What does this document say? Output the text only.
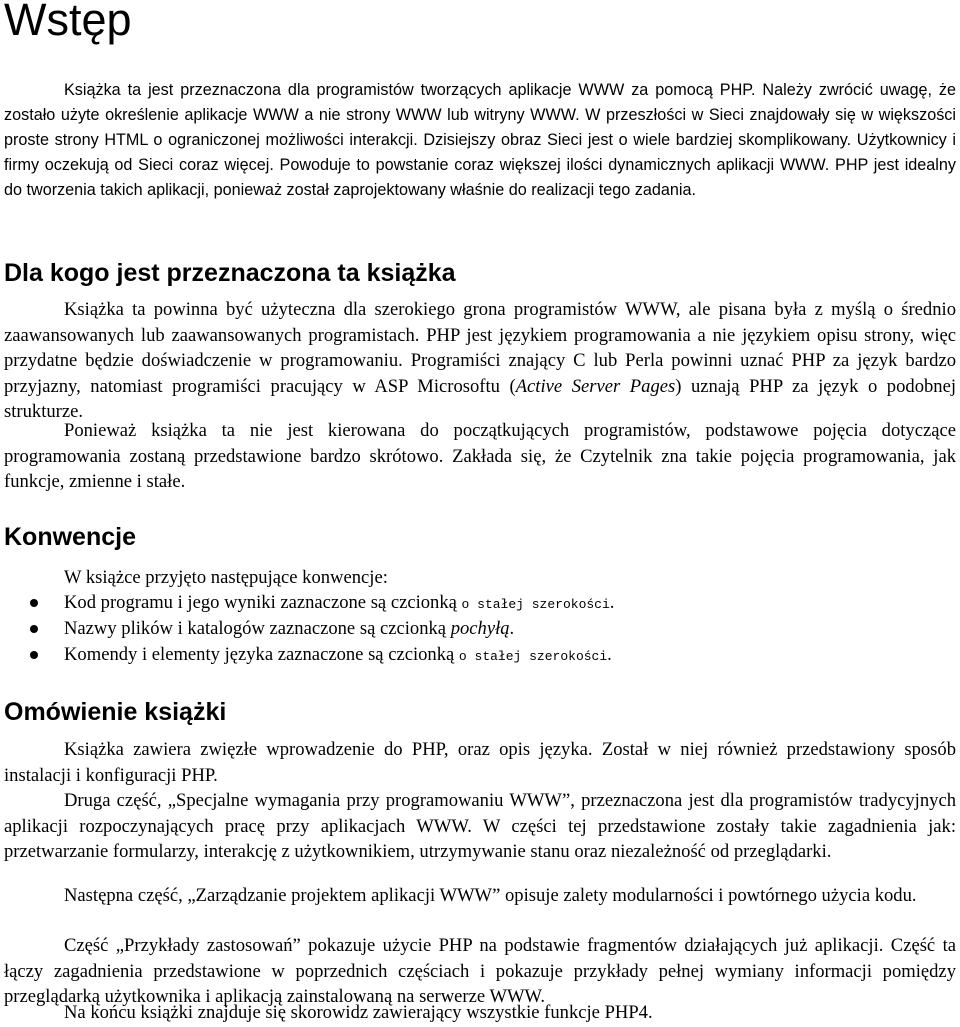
Wstęp

Książka ta jest przeznaczona dla programistów tworzących aplikacje WWW za pomocą PHP. Należy zwrócić uwagę, że zostało użyte określenie aplikacje WWW a nie strony WWW lub witryny WWW. W przeszłości w Sieci znajdowały się w większości proste strony HTML o ograniczonej możliwości interakcji. Dzisiejszy obraz Sieci jest o wiele bardziej skomplikowany. Użytkownicy i firmy oczekują od Sieci coraz więcej. Powoduje to powstanie coraz większej ilości dynamicznych aplikacji WWW. PHP jest idealny do tworzenia takich aplikacji, ponieważ został zaprojektowany właśnie do realizacji tego zadania.

Dla kogo jest przeznaczona ta książka

Książka ta powinna być użyteczna dla szerokiego grona programistów WWW, ale pisana była z myślą o średnio zaawansowanych lub zaawansowanych programistach. PHP jest językiem programowania a nie językiem opisu strony, więc przydatne będzie doświadczenie w programowaniu. Programiści znający C lub Perla powinni uznać PHP za język bardzo przyjazny, natomiast programiści pracujący w ASP Microsoftu (Active Server Pages) uznają PHP za język o podobnej strukturze.

Ponieważ książka ta nie jest kierowana do początkujących programistów, podstawowe pojęcia dotyczące programowania zostaną przedstawione bardzo skrótowo. Zakłada się, że Czytelnik zna takie pojęcia programowania, jak funkcje, zmienne i stałe.

Konwencje

W książce przyjęto następujące konwencje:

Kod programu i jego wyniki zaznaczone są czcionką o stałej szerokości.
Nazwy plików i katalogów zaznaczone są czcionką pochyłą.
Komendy i elementy języka zaznaczone są czcionką o stałej szerokości.
Omówienie książki

Książka zawiera zwięzłe wprowadzenie do PHP, oraz opis języka. Został w niej również przedstawiony sposób instalacji i konfiguracji PHP.

Druga część, „Specjalne wymagania przy programowaniu WWW”, przeznaczona jest dla programistów tradycyjnych aplikacji rozpoczynających pracę przy aplikacjach WWW. W części tej przedstawione zostały takie zagadnienia jak: przetwarzanie formularzy, interakcję z użytkownikiem, utrzymywanie stanu oraz niezależność od przeglądarki.

Następna część, „Zarządzanie projektem aplikacji WWW” opisuje zalety modularności i powtórnego użycia kodu.

Część „Przykłady zastosowań” pokazuje użycie PHP na podstawie fragmentów działających już aplikacji. Część ta łączy zagadnienia przedstawione w poprzednich częściach i pokazuje przykłady pełnej wymiany informacji pomiędzy przeglądarką użytkownika i aplikacją zainstalowaną na serwerze WWW.

Na końcu książki znajduje się skorowidz zawierający wszystkie funkcje PHP4.
